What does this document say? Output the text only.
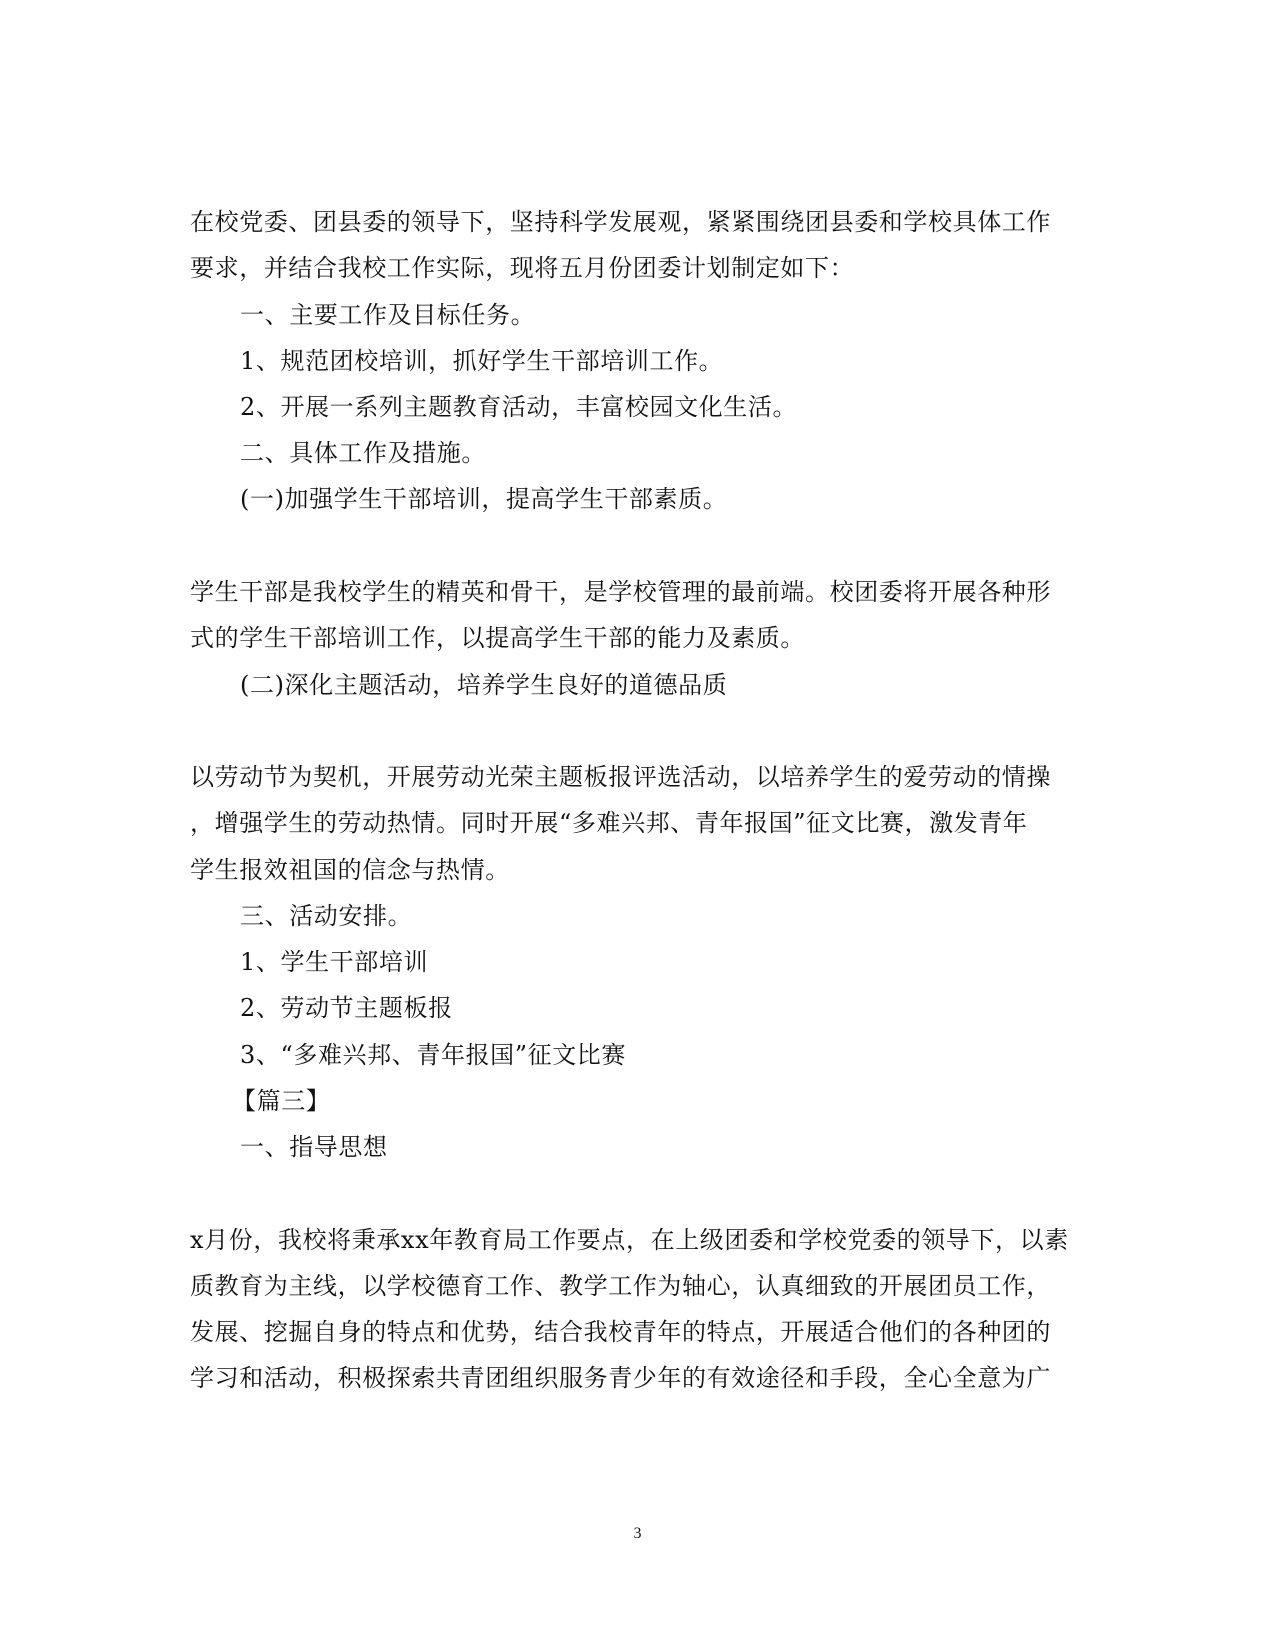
在校党委、团县委的领导下，坚持科学发展观，紧紧围绕团县委和学校具体工作
要求，并结合我校工作实际，现将五月份团委计划制定如下：
一、主要工作及目标任务。
1、规范团校培训，抓好学生干部培训工作。
2、开展一系列主题教育活动，丰富校园文化生活。
二、具体工作及措施。
(一)加强学生干部培训，提高学生干部素质。
学生干部是我校学生的精英和骨干，是学校管理的最前端。校团委将开展各种形
式的学生干部培训工作，以提高学生干部的能力及素质。
(二)深化主题活动，培养学生良好的道德品质
以劳动节为契机，开展劳动光荣主题板报评选活动，以培养学生的爱劳动的情操
，增强学生的劳动热情。同时开展“多难兴邦、青年报国”征文比赛，激发青年
学生报效祖国的信念与热情。
三、活动安排。
1、学生干部培训
2、劳动节主题板报
3、“多难兴邦、青年报国”征文比赛
【篇三】
一、指导思想
x月份，我校将秉承xx年教育局工作要点，在上级团委和学校党委的领导下，以素
质教育为主线，以学校德育工作、教学工作为轴心，认真细致的开展团员工作，
发展、挖掘自身的特点和优势，结合我校青年的特点，开展适合他们的各种团的
学习和活动，积极探索共青团组织服务青少年的有效途径和手段，全心全意为广
3
